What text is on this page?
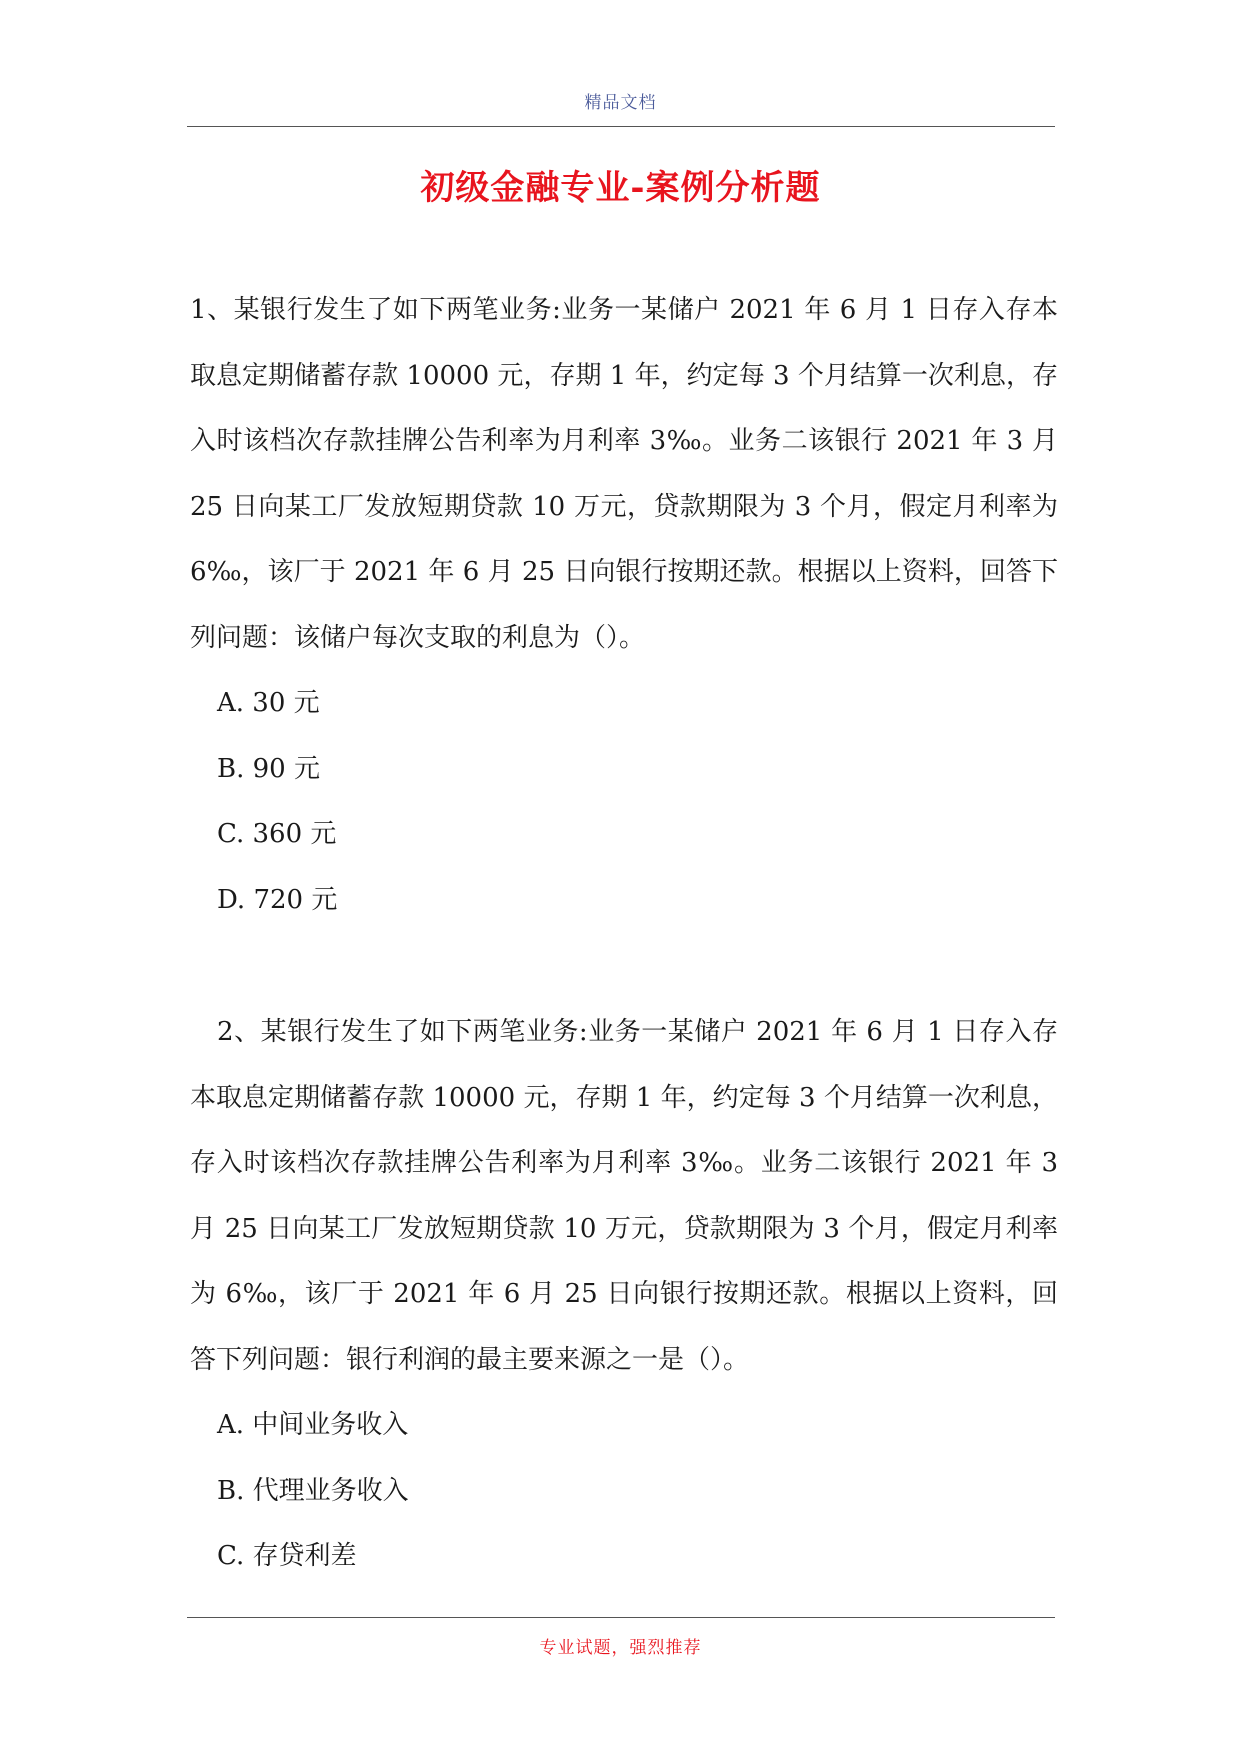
精品文档
初级金融专业-案例分析题

1、某银行发生了如下两笔业务:业务一某储户 2021 年 6 月 1 日存入存本取息定期储蓄存款 10000 元，存期 1 年，约定每 3 个月结算一次利息，存入时该档次存款挂牌公告利率为月利率 3‰。业务二该银行 2021 年 3 月 25 日向某工厂发放短期贷款 10 万元，贷款期限为 3 个月，假定月利率为 6‰，该厂于 2021 年 6 月 25 日向银行按期还款。根据以上资料，回答下列问题：该储户每次支取的利息为（）。

A. 30 元

B. 90 元

C. 360 元

D. 720 元

2、某银行发生了如下两笔业务:业务一某储户 2021 年 6 月 1 日存入存本取息定期储蓄存款 10000 元，存期 1 年，约定每 3 个月结算一次利息，存入时该档次存款挂牌公告利率为月利率 3‰。业务二该银行 2021 年 3 月 25 日向某工厂发放短期贷款 10 万元，贷款期限为 3 个月，假定月利率为 6‰，该厂于 2021 年 6 月 25 日向银行按期还款。根据以上资料，回答下列问题：银行利润的最主要来源之一是（）。

A. 中间业务收入

B. 代理业务收入

C. 存贷利差

专业试题，强烈推荐
